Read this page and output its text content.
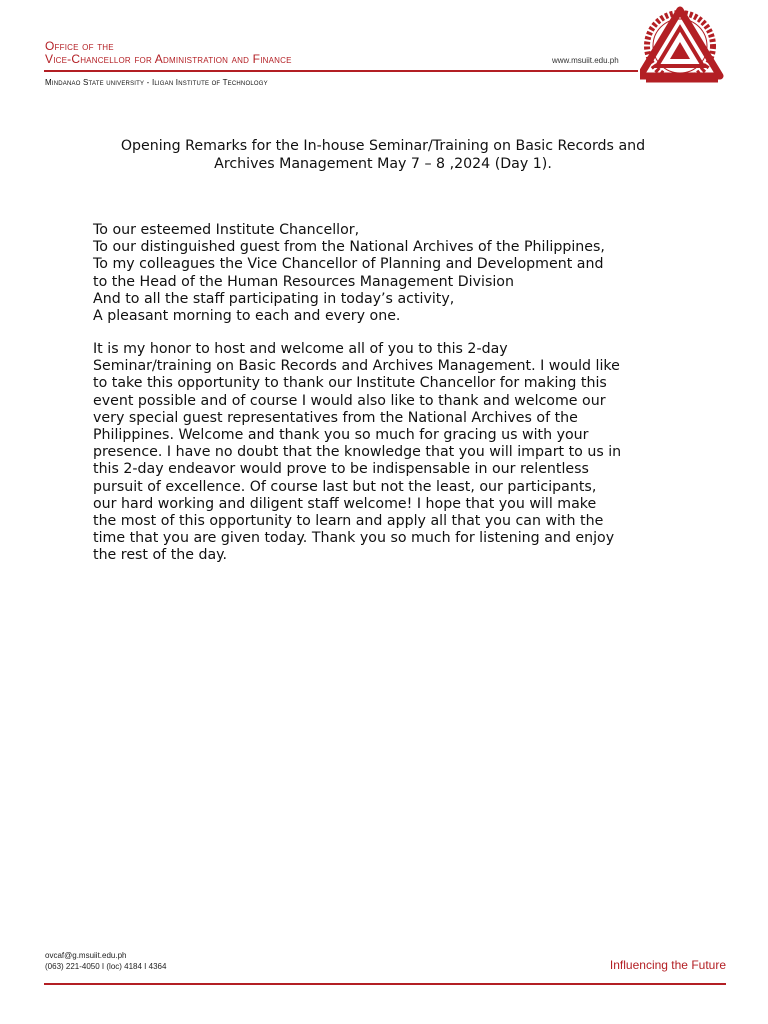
Office of the
Vice-Chancellor for Administration and Finance	www.msuiit.edu.ph
Mindanao State university - Iligan Institute of Technology
Opening Remarks for the In-house Seminar/Training on Basic Records and
Archives Management May 7 – 8 ,2024 (Day 1).
To our esteemed Institute Chancellor,
To our distinguished guest from the National Archives of the Philippines,
To my colleagues the Vice Chancellor of Planning and Development and
to the Head of the Human Resources Management Division
And to all the staff participating in today’s activity,
A pleasant morning to each and every one.
It is my honor to host and welcome all of you to this 2-day
Seminar/training on Basic Records and Archives Management. I would like
to take this opportunity to thank our Institute Chancellor for making this
event possible and of course I would also like to thank and welcome our
very special guest representatives from the National Archives of the
Philippines. Welcome and thank you so much for gracing us with your
presence. I have no doubt that the knowledge that you will impart to us in
this 2-day endeavor would prove to be indispensable in our relentless
pursuit of excellence. Of course last but not the least, our participants,
our hard working and diligent staff welcome! I hope that you will make
the most of this opportunity to learn and apply all that you can with the
time that you are given today. Thank you so much for listening and enjoy
the rest of the day.
ovcaf@g.msuiit.edu.ph
(063) 221-4050 I (loc) 4184 I 4364	Influencing the Future
